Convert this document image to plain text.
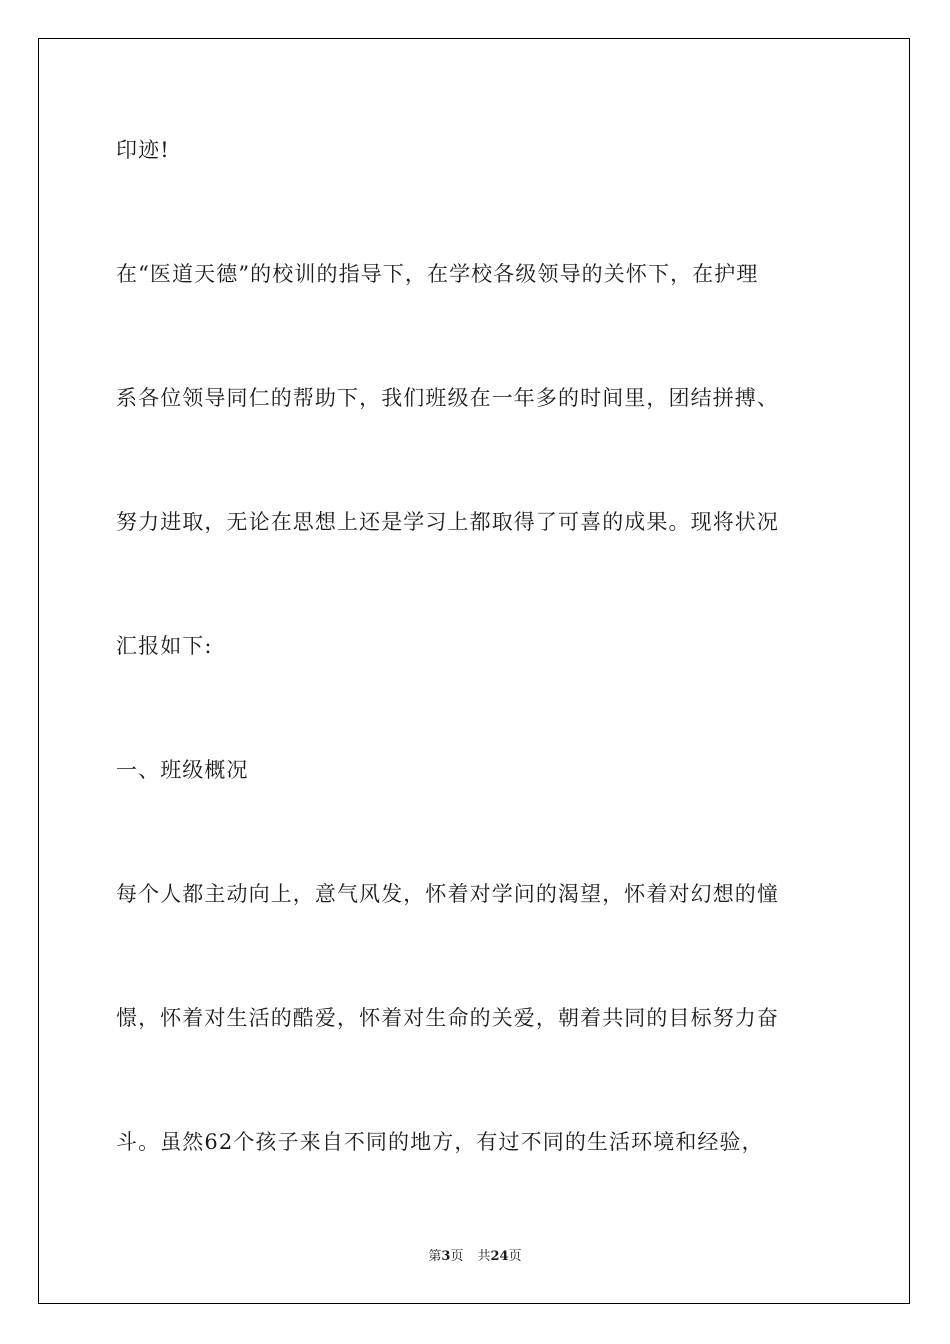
印迹!
在“医道天德”的校训的指导下，在学校各级领导的关怀下，在护理
系各位领导同仁的帮助下，我们班级在一年多的时间里，团结拼搏、
努力进取，无论在思想上还是学习上都取得了可喜的成果。现将状况
汇报如下:
一、班级概况
每个人都主动向上，意气风发，怀着对学问的渴望，怀着对幻想的憧
憬，怀着对生活的酷爱，怀着对生命的关爱，朝着共同的目标努力奋
斗。虽然62个孩子来自不同的地方，有过不同的生活环境和经验，
第3页 共24页
